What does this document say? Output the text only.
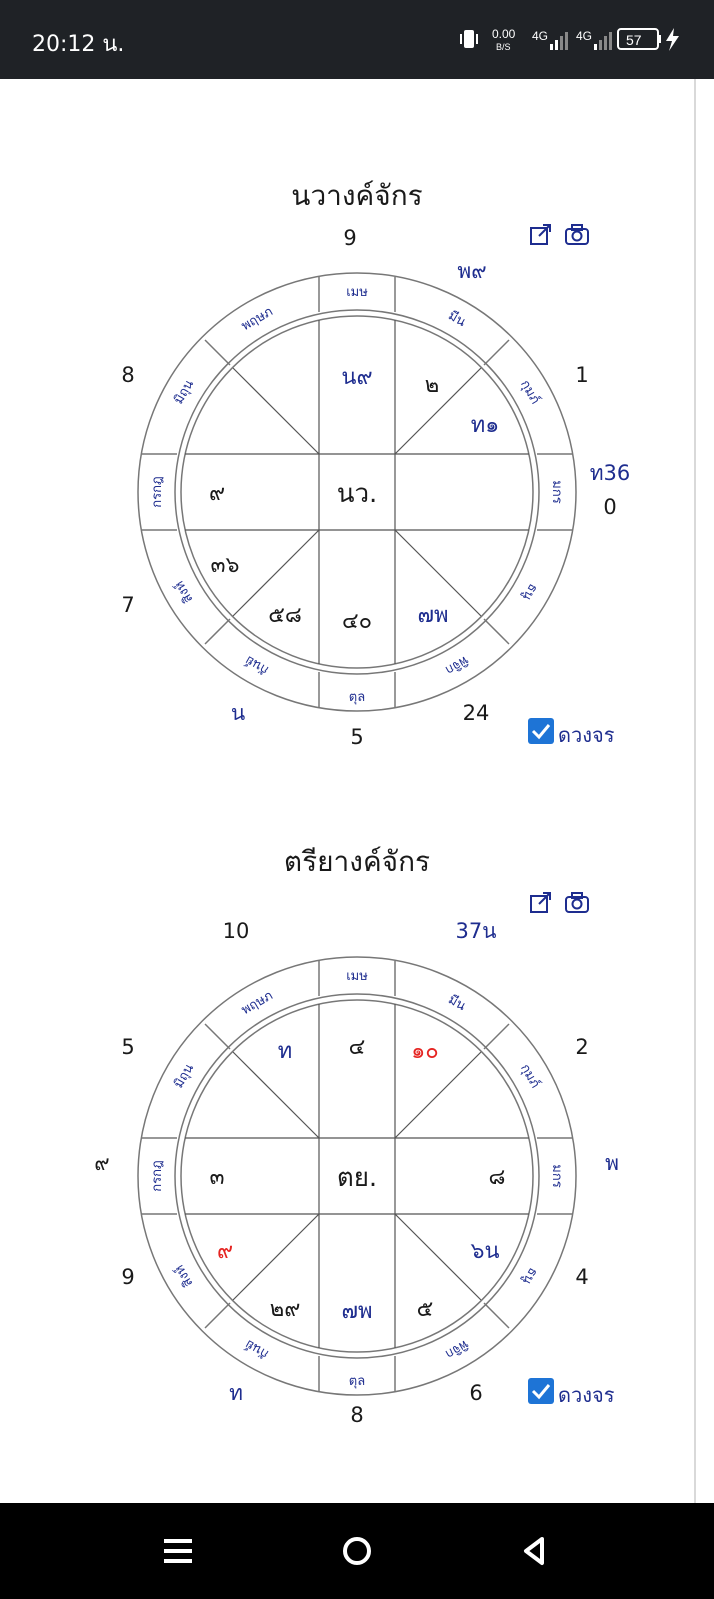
20:12 น.	0.00
B/S
4G 4G 57
นวางค์จักร
เมษ
มีน
กุมภ์
มกร
ธนู
พิจิก
ตุล
กันย์
สิงห์
กรกฎ
มิถุน
พฤษภ
นว.
น๙ ๒
ท๑
๙
๓๖
๕๘ ๔๐ ๗พ
9
พ๙
1
ท36
0
8
7
น
5
24
ดวงจร
ตรียางค์จักร
เมษ
มีน
กุมภ์
มกร
ธนู
พิจิก
ตุล
กันย์
สิงห์
กรกฎ
มิถุน
พฤษภ
ตย.
ท	๔ ๑๐
๓	๘
๙	๖น
๒๙ ๗พ ๕
10	37น
5	2
๙	พ
9	4
ท	6
8
ดวงจร
